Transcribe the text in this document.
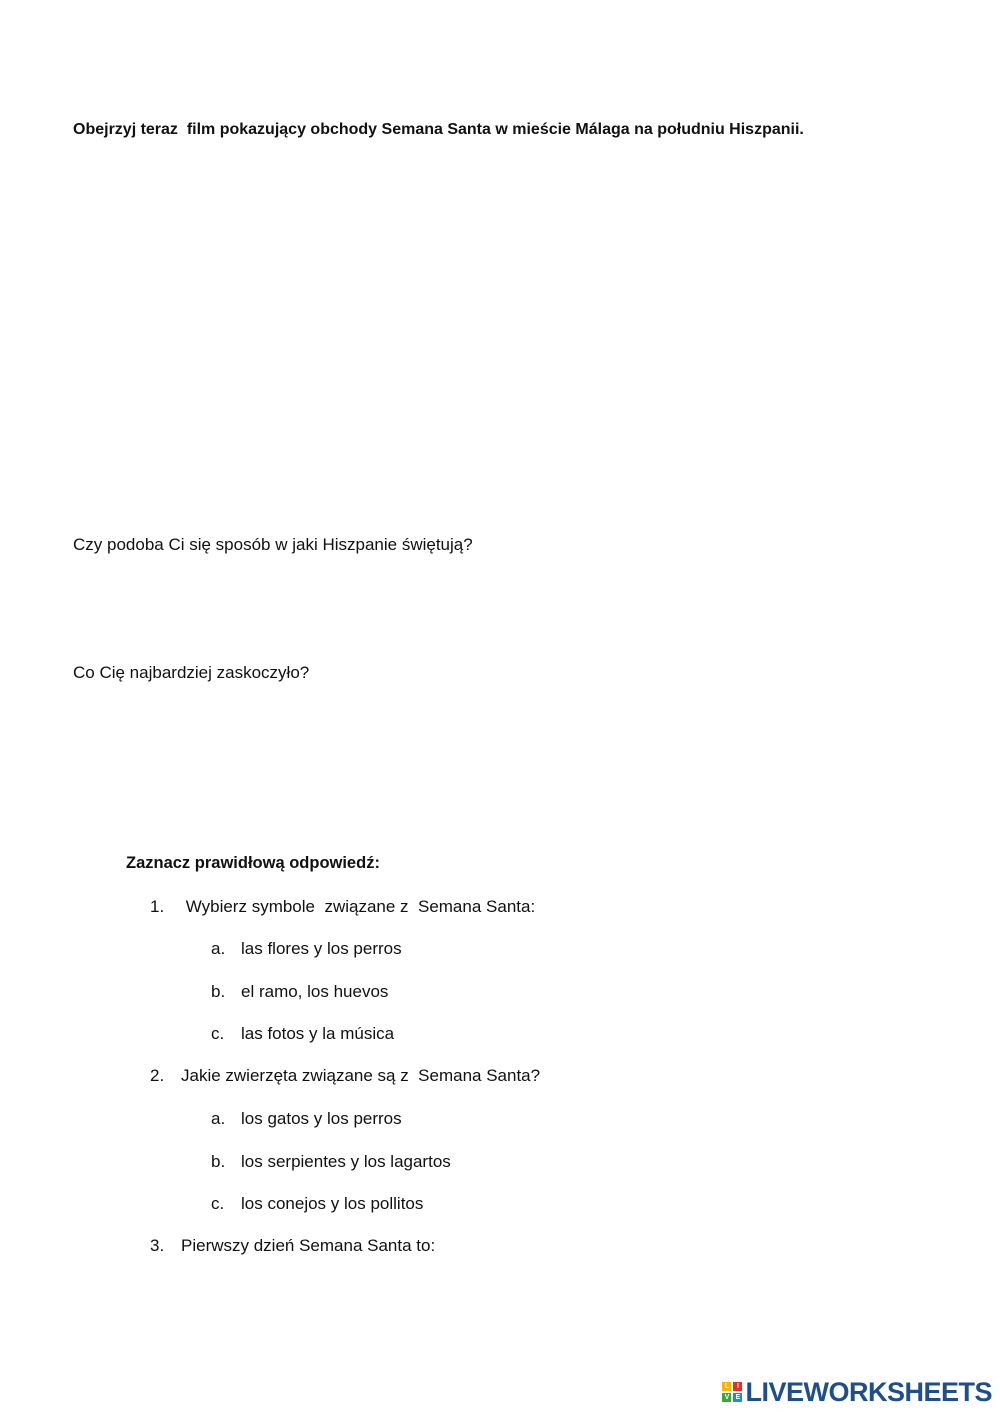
Obejrzyj teraz  film pokazujący obchody Semana Santa w mieście Málaga na południu Hiszpanii.

Czy podoba Ci się sposób w jaki Hiszpanie świętują?

Co Cię najbardziej zaskoczyło?

Zaznacz prawidłową odpowiedź:

1. Wybierz symbole  związane z  Semana Santa:
a. las flores y los perros
b. el ramo, los huevos
c. las fotos y la música
2. Jakie zwierzęta związane są z  Semana Santa?
a. los gatos y los perros
b. los serpientes y los lagartos
c. los conejos y los pollitos
3. Pierwszy dzień Semana Santa to:
L	I
V E LIVEWORKSHEETS
